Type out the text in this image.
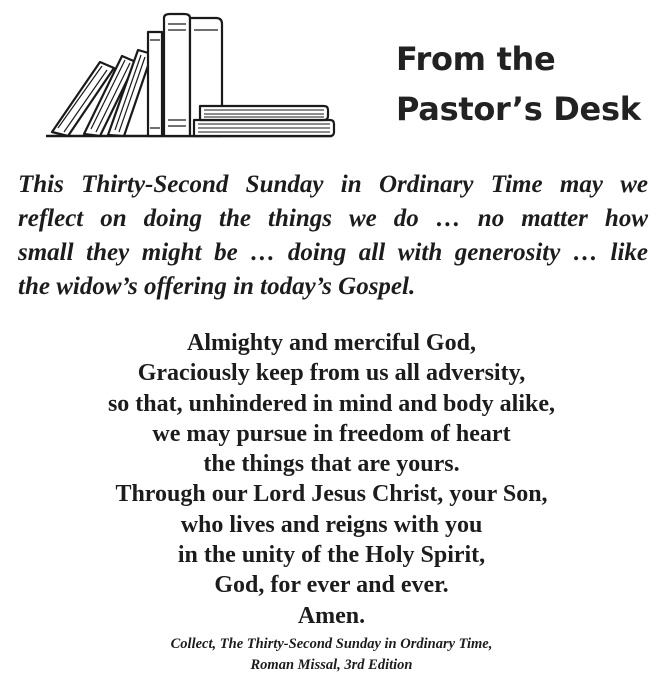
From the
Pastor’s Desk
This Thirty-Second Sunday in Ordinary Time may we
reflect on doing the things we do … no matter how
small they might be … doing all with generosity … like
the widow’s offering in today’s Gospel.
Almighty and merciful God,
Graciously keep from us all adversity,
so that, unhindered in mind and body alike,
we may pursue in freedom of heart
the things that are yours.
Through our Lord Jesus Christ, your Son,
who lives and reigns with you
in the unity of the Holy Spirit,
God, for ever and ever.
Amen.
Collect, The Thirty-Second Sunday in Ordinary Time,
Roman Missal, 3rd Edition
